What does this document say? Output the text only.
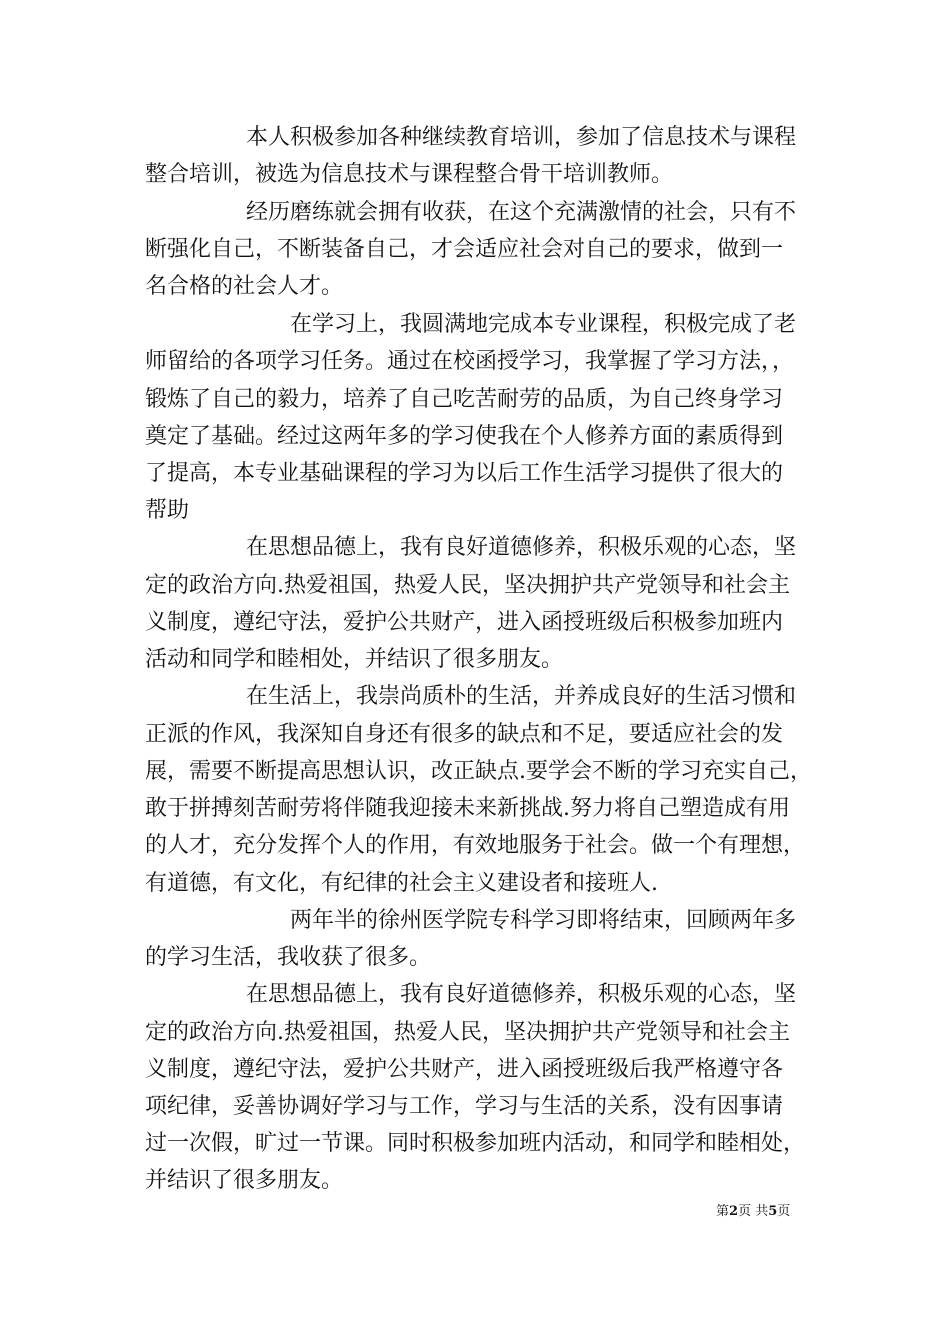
本人积极参加各种继续教育培训，参加了信息技术与课程
整合培训，被选为信息技术与课程整合骨干培训教师。
经历磨练就会拥有收获，在这个充满激情的社会，只有不
断强化自己，不断装备自己，才会适应社会对自己的要求，做到一
名合格的社会人才。
在学习上，我圆满地完成本专业课程，积极完成了老
师留给的各项学习任务。通过在校函授学习，我掌握了学习方法，，
锻炼了自己的毅力，培养了自己吃苦耐劳的品质，为自己终身学习
奠定了基础。经过这两年多的学习使我在个人修养方面的素质得到
了提高，本专业基础课程的学习为以后工作生活学习提供了很大的
帮助
在思想品德上，我有良好道德修养，积极乐观的心态，坚
定的政治方向.热爱祖国，热爱人民，坚决拥护共产党领导和社会主
义制度，遵纪守法，爱护公共财产，进入函授班级后积极参加班内
活动和同学和睦相处，并结识了很多朋友。
在生活上，我崇尚质朴的生活，并养成良好的生活习惯和
正派的作风，我深知自身还有很多的缺点和不足，要适应社会的发
展，需要不断提高思想认识，改正缺点.要学会不断的学习充实自己，
敢于拼搏刻苦耐劳将伴随我迎接未来新挑战.努力将自己塑造成有用
的人才，充分发挥个人的作用，有效地服务于社会。做一个有理想，
有道德，有文化，有纪律的社会主义建设者和接班人.
两年半的徐州医学院专科学习即将结束，回顾两年多
的学习生活，我收获了很多。
在思想品德上，我有良好道德修养，积极乐观的心态，坚
定的政治方向.热爱祖国，热爱人民，坚决拥护共产党领导和社会主
义制度，遵纪守法，爱护公共财产，进入函授班级后我严格遵守各
项纪律，妥善协调好学习与工作，学习与生活的关系，没有因事请
过一次假，旷过一节课。同时积极参加班内活动，和同学和睦相处，
并结识了很多朋友。
第2页 共5页
